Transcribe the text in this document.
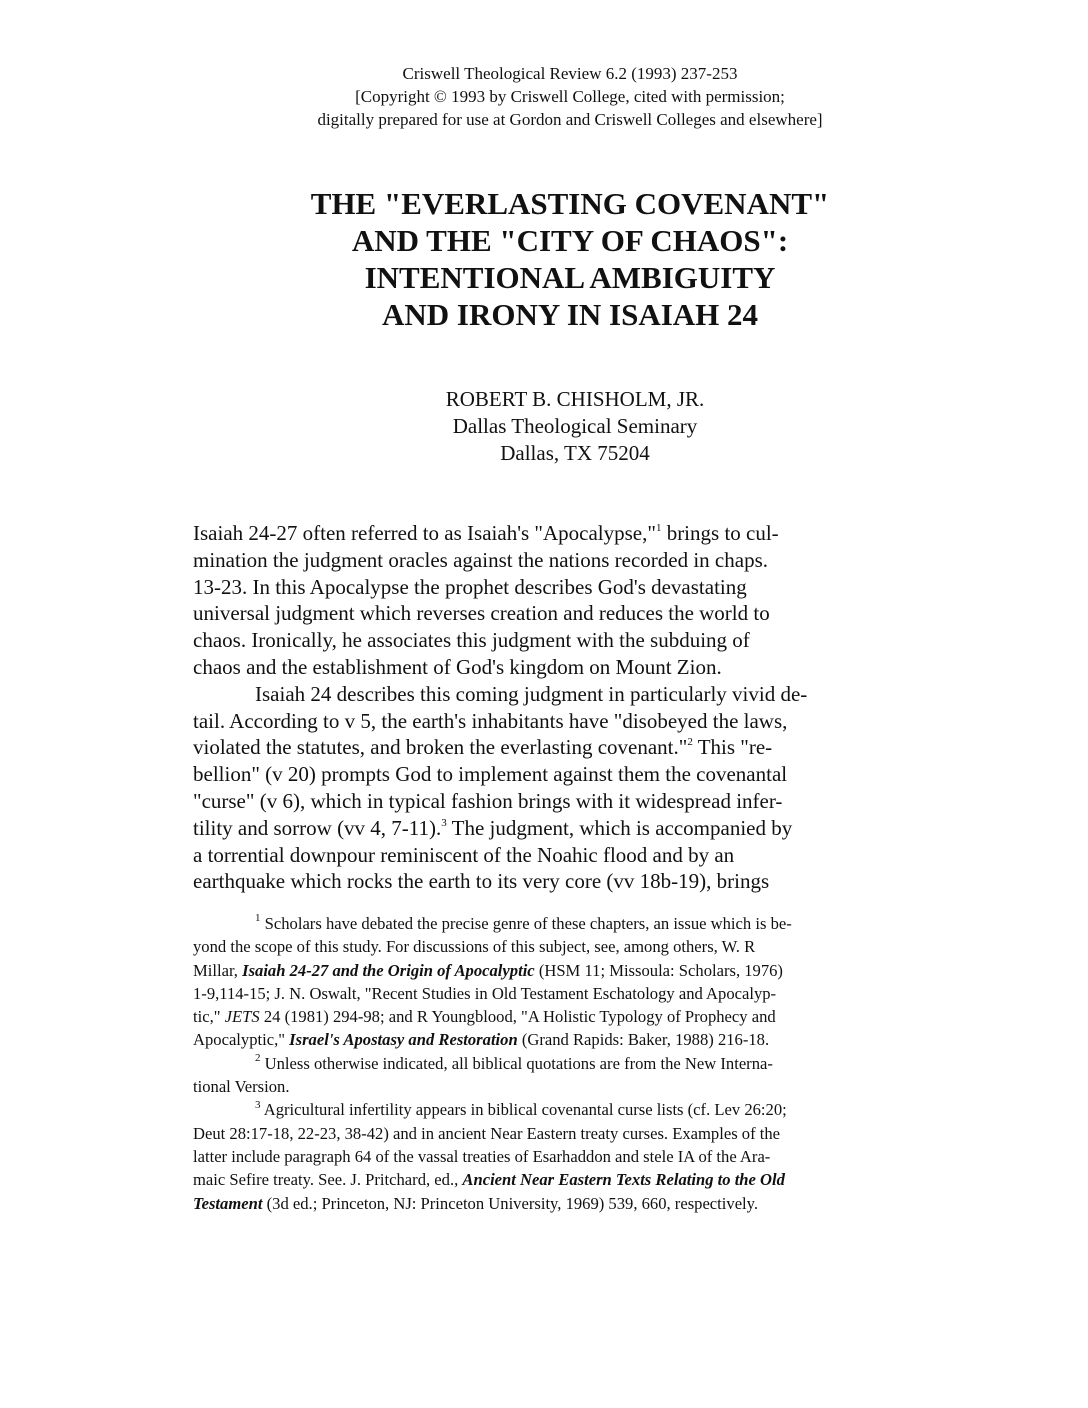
Criswell Theological Review 6.2 (1993) 237-253
[Copyright © 1993 by Criswell College, cited with permission;
digitally prepared for use at Gordon and Criswell Colleges and elsewhere]
THE "EVERLASTING COVENANT"
AND THE "CITY OF CHAOS":
INTENTIONAL AMBIGUITY
AND IRONY IN ISAIAH 24
ROBERT B. CHISHOLM, JR.
Dallas Theological Seminary
Dallas, TX 75204
Isaiah 24-27 often referred to as Isaiah's "Apocalypse,"$^1$ brings to cul-
mination the judgment oracles against the nations recorded in chaps.
13-23. In this Apocalypse the prophet describes God's devastating
universal judgment which reverses creation and reduces the world to
chaos. Ironically, he associates this judgment with the subduing of
chaos and the establishment of God's kingdom on Mount Zion.
Isaiah 24 describes this coming judgment in particularly vivid de-
tail. According to v 5, the earth's inhabitants have "disobeyed the laws,
violated the statutes, and broken the everlasting covenant."$^2$ This "re-
bellion" (v 20) prompts God to implement against them the covenantal
"curse" (v 6), which in typical fashion brings with it widespread infer-
tility and sorrow (vv 4, 7-11).$^3$ The judgment, which is accompanied by
a torrential downpour reminiscent of the Noahic flood and by an
earthquake which rocks the earth to its very core (vv 18b-19), brings
$^1$ Scholars have debated the precise genre of these chapters, an issue which is be-
yond the scope of this study. For discussions of this subject, see, among others, W. R
Millar, Isaiah 24-27 and the Origin of Apocalyptic (HSM 11; Missoula: Scholars, 1976)
1-9,114-15; J. N. Oswalt, "Recent Studies in Old Testament Eschatology and Apocalyp-
tic," JETS 24 (1981) 294-98; and R Youngblood, "A Holistic Typology of Prophecy and
Apocalyptic," Israel's Apostasy and Restoration (Grand Rapids: Baker, 1988) 216-18.
$^2$ Unless otherwise indicated, all biblical quotations are from the New Interna-
tional Version.
$^3$ Agricultural infertility appears in biblical covenantal curse lists (cf. Lev 26:20;
Deut 28:17-18, 22-23, 38-42) and in ancient Near Eastern treaty curses. Examples of the
latter include paragraph 64 of the vassal treaties of Esarhaddon and stele IA of the Ara-
maic Sefire treaty. See. J. Pritchard, ed., Ancient Near Eastern Texts Relating to the Old
Testament (3d ed.; Princeton, NJ: Princeton University, 1969) 539, 660, respectively.
